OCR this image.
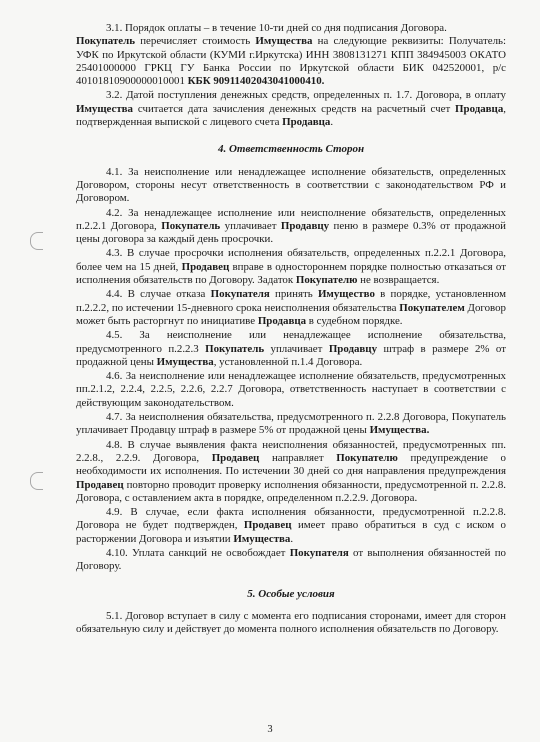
3.1. Порядок оплаты – в течение 10-ти дней со дня подписания Договора.
Покупатель перечисляет стоимость Имущества на следующие реквизиты: Получатель: УФК по Иркутской области (КУМИ г.Иркутска) ИНН 3808131271 КПП 384945003 ОКАТО 25401000000 ГРКЦ ГУ Банка России по Иркутской области БИК 042520001, р/с 40101810900000010001 КБК 90911402043041000410.

3.2. Датой поступления денежных средств, определенных п. 1.7. Договора, в оплату Имущества считается дата зачисления денежных средств на расчетный счет Продавца, подтвержденная выпиской с лицевого счета Продавца.

4. Ответственность Сторон

4.1. За неисполнение или ненадлежащее исполнение обязательств, определенных Договором, стороны несут ответственность в соответствии с законодательством РФ и Договором.

4.2. За ненадлежащее исполнение или неисполнение обязательств, определенных п.2.2.1 Договора, Покупатель уплачивает Продавцу пеню в размере 0.3% от продажной цены договора за каждый день просрочки.

4.3. В случае просрочки исполнения обязательств, определенных п.2.2.1 Договора, более чем на 15 дней, Продавец вправе в одностороннем порядке полностью отказаться от исполнения обязательств по Договору. Задаток Покупателю не возвращается.

4.4. В случае отказа Покупателя принять Имущество в порядке, установленном п.2.2.2, по истечении 15-дневного срока неисполнения обязательства Покупателем Договор может быть расторгнут по инициативе Продавца в судебном порядке.

4.5. За неисполнение или ненадлежащее исполнение обязательства, предусмотренного п.2.2.3 Покупатель уплачивает Продавцу штраф в размере 2% от продажной цены Имущества, установленной п.1.4 Договора.

4.6. За неисполнение или ненадлежащее исполнение обязательств, предусмотренных пп.2.1.2, 2.2.4, 2.2.5, 2.2.6, 2.2.7 Договора, ответственность наступает в соответствии с действующим законодательством.

4.7. За неисполнения обязательства, предусмотренного п. 2.2.8 Договора, Покупатель уплачивает Продавцу штраф в размере 5% от продажной цены Имущества.

4.8. В случае выявления факта неисполнения обязанностей, предусмотренных пп. 2.2.8., 2.2.9. Договора, Продавец направляет Покупателю предупреждение о необходимости их исполнения. По истечении 30 дней со дня направления предупреждения Продавец повторно проводит проверку исполнения обязанности, предусмотренной п. 2.2.8. Договора, с оставлением акта в порядке, определенном п.2.2.9. Договора.

4.9. В случае, если факта исполнения обязанности, предусмотренной п.2.2.8. Договора не будет подтвержден, Продавец имеет право обратиться в суд с иском о расторжении Договора и изъятии Имущества.

4.10. Уплата санкций не освобождает Покупателя от выполнения обязанностей по Договору.

5. Особые условия

5.1. Договор вступает в силу с момента его подписания сторонами, имеет для сторон обязательную силу и действует до момента полного исполнения обязательств по Договору.

3
